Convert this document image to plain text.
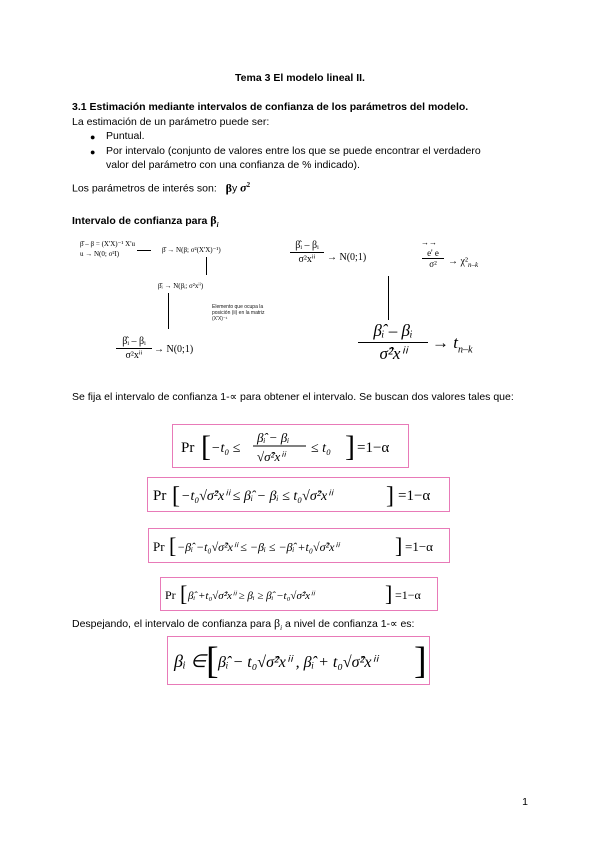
Tema 3 El modelo lineal II.
3.1 Estimación mediante intervalos de confianza de los parámetros del modelo.
La estimación de un parámetro puede ser:
● Puntual.
● Por intervalo (conjunto de valores entre los que se puede encontrar el verdadero
valor del parámetro con una confianza de % indicado).
Los parámetros de interés son: βy $\sigma^2$
Intervalo de confianza para $\beta_i$
β̂ – β = (X'X)⁻¹ X'u
u → N(0; σ²I)	β̂ → N(β; σ²(X'X)⁻¹)
β̂ᵢ → N(βᵢ; σ²xⁱⁱ)
Elemento que ocupa la posición (ii) en la matriz (X'X)⁻¹
β̂ᵢ – βᵢ
σ²xⁱⁱ
→ N(0;1)
β̂ᵢ – βᵢ
σ²xⁱⁱ	→ N(0;1)
→→
$\frac{e' e}{\text{σ²}} \to \chi^2_{n-k}$
β̂ᵢ – βᵢ
σ̂²xⁱⁱ
→ $t_{n-k}$
Se fija el intervalo de confianza 1-∝ para obtener el intervalo. Se buscan dos valores tales que:
Pr [ −t₀ ≤
β̂ᵢ − βᵢ
√σ̂²xⁱⁱ
≤ t₀ ] =1−α
Pr [ −t₀√σ̂²xⁱⁱ ≤ β̂ᵢ − βᵢ ≤ t₀√σ̂²xⁱⁱ ] =1−α
Pr [ −β̂ᵢ −t₀√σ̂²xⁱⁱ ≤ −βᵢ ≤ −β̂ᵢ +t₀√σ̂²xⁱⁱ	] =1−α
Pr [ β̂ᵢ +t₀√σ̂²xⁱⁱ ≥ βᵢ ≥ β̂ᵢ −t₀√σ̂²xⁱⁱ	] =1−α
Despejando, el intervalo de confianza para $\beta_i$ a nivel de confianza 1-∝ es:
βᵢ ∈ [ β̂ᵢ − t₀√σ̂²xⁱⁱ , β̂ᵢ + t₀√σ̂²xⁱⁱ ]
1
